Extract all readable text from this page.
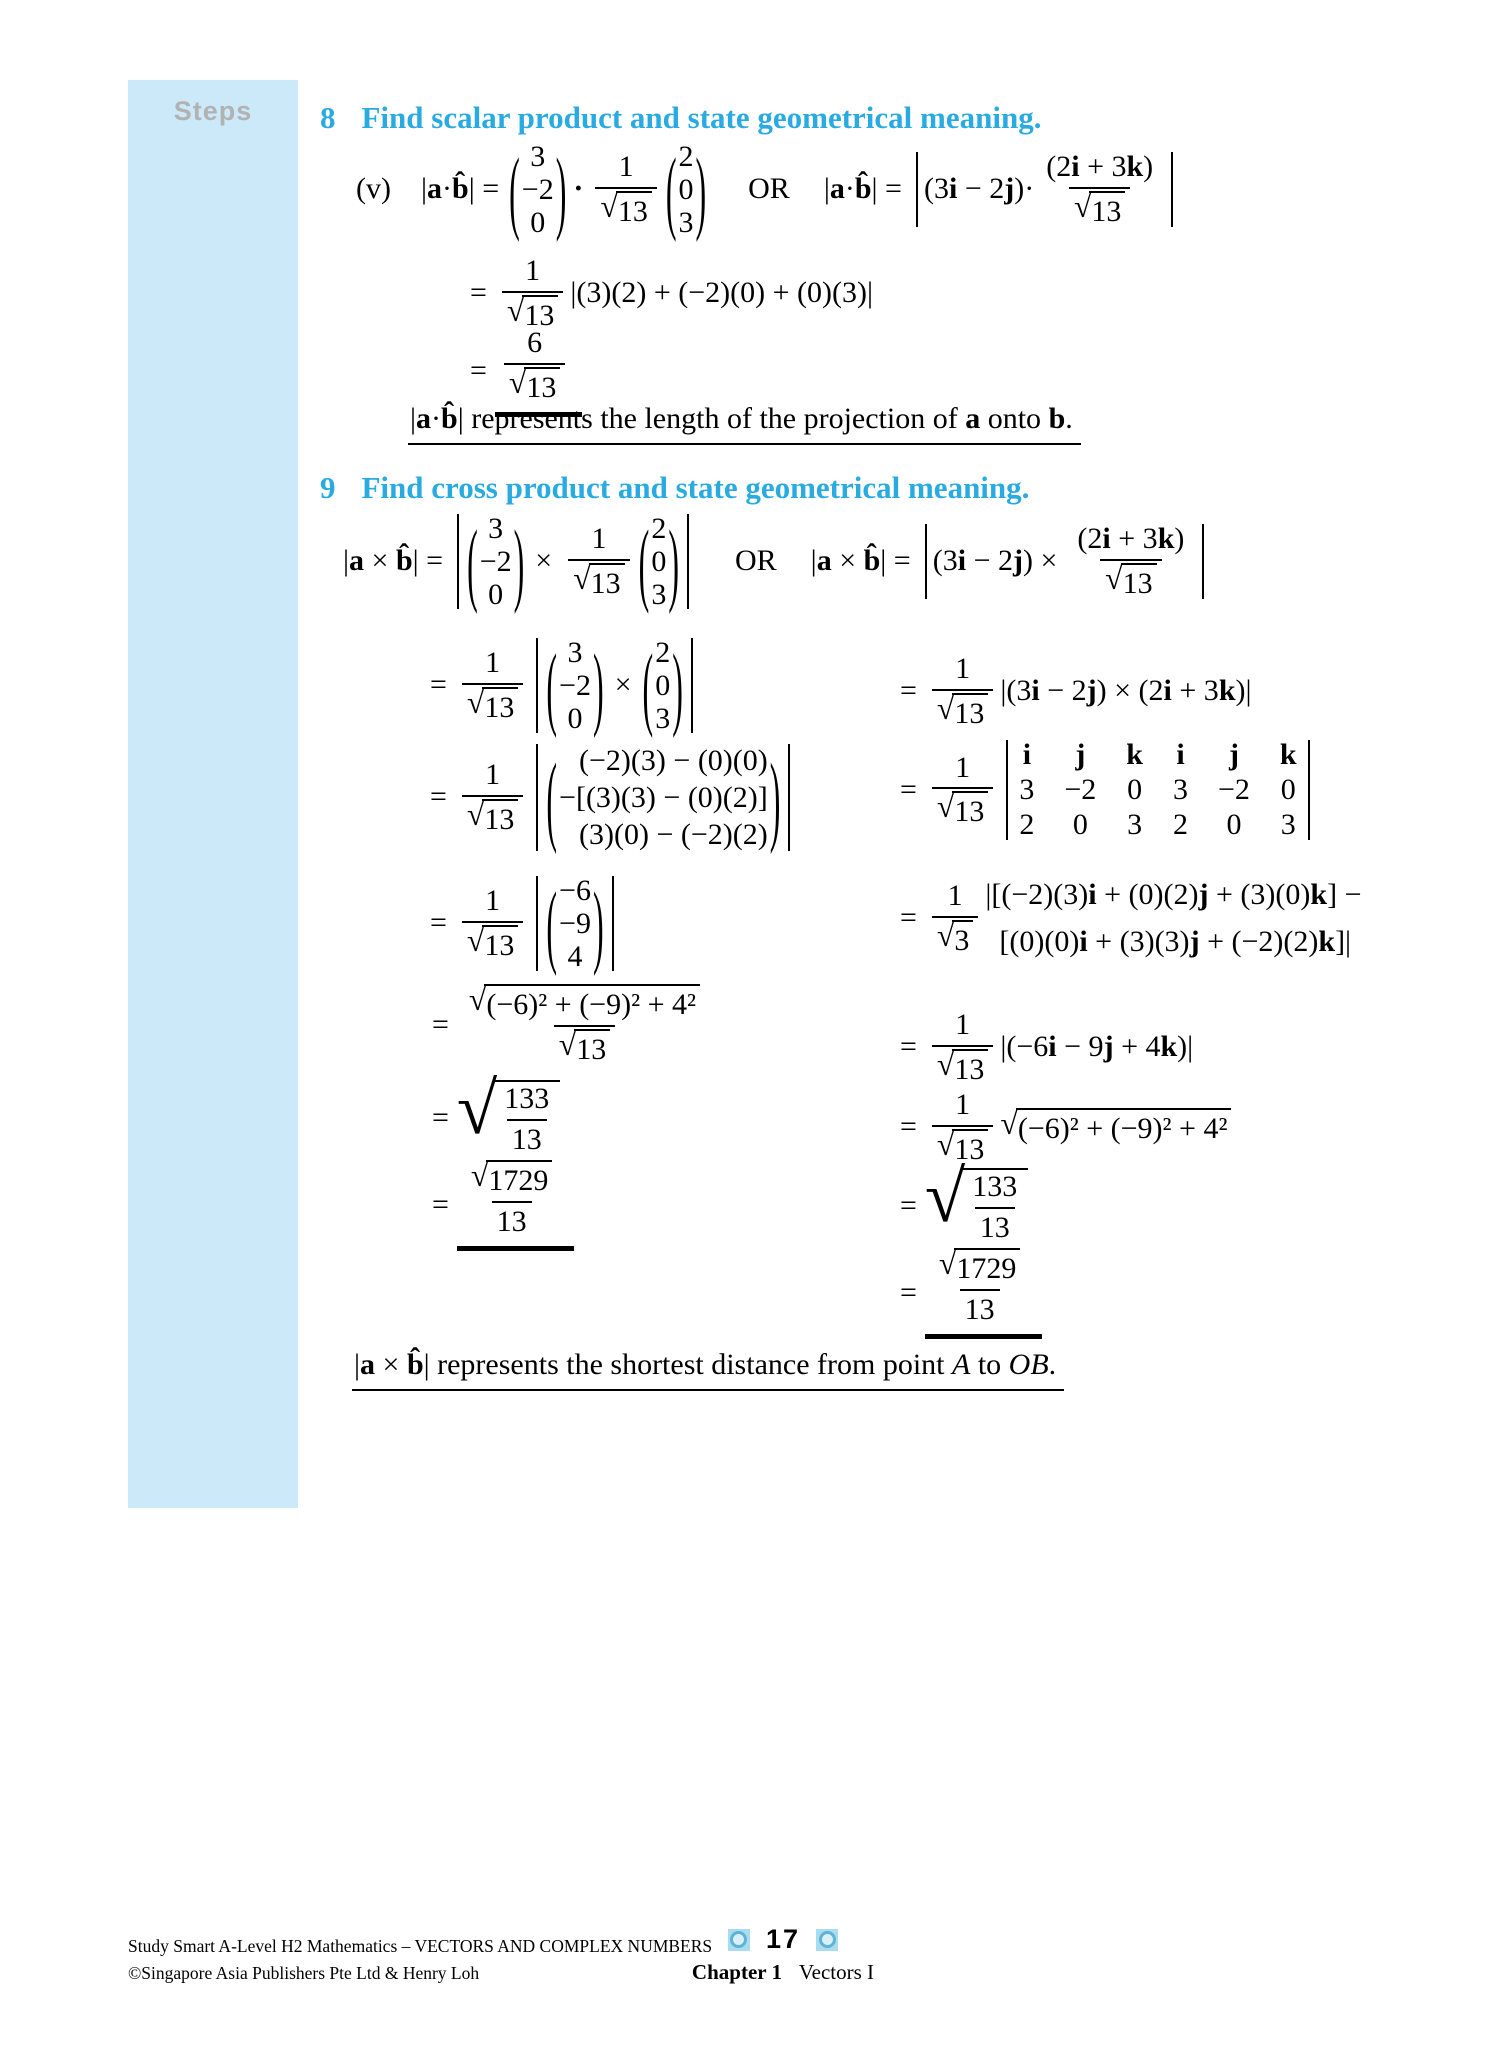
Steps	8 Find scalar product and state geometrical meaning.
(v) |a·b̂| = ( 3
−2
0 ) · $\frac{1}{√ 13}$ ( 2
0
3 ) OR |a·b̂| = $(3i - 2j)\cdot \frac{(2i + 3k)}{√ 13}$
= $\frac{1}{√ 13} |(3)(2) + (-2)(0) + (0)(3)|$
= $\frac{6}{√ 13}$
|a·b̂| represents the length of the projection of a onto b.
9 Find cross product and state geometrical meaning.
|a × b̂| = ( 3
−2
0 ) × $\frac{1}{√ 13}$ ( 2
0
3 ) OR |a × b̂| = $(3i - 2j) \times \frac{(2i + 3k)}{√ 13}$
= $\frac{1}{√ 13}$ ( 3
−2
0 ) × ( 2
0
3 )
= $\frac{1}{√ 13}$ ( (−2)(3) − (0)(0)
−[(3)(3) − (0)(2)]
(3)(0) − (−2)(2) )
= $\frac{1}{√ 13}$ ( −6
−9
4 )
= $\frac{\text{√ (−6)² + (−9)² + 4²}}{√ 13}$
= √ $\frac{133}{13}$
= $\frac{√ 1729}{13}$
= $\frac{1}{√ 13} |(3i - 2j) \times (2i + 3k)|$
= $\frac{1}{√ 13}$ i	j	k i	j	k
3 −2 0 3 −2 0
2 0 3 2 0 3
= $\frac{1}{√ 3} |[(-2)(3)i + (0)(2)j + (3)(0)k]$ −
[(0)(0)i + (3)(3)j + (−2)(2)k]|
= $\frac{1}{√ 13} |(-6i - 9j + 4k)|$
= $\frac{1}{√ 13}$ √ (−6)² + (−9)² + 4²
= √ $\frac{133}{13}$
= $\frac{√ 1729}{13}$
|a × b̂| represents the shortest distance from point A to OB.
Study Smart A-Level H2 Mathematics – VECTORS AND COMPLEX NUMBERS
©Singapore Asia Publishers Pte Ltd & Henry Loh
17
Chapter 1 Vectors I
